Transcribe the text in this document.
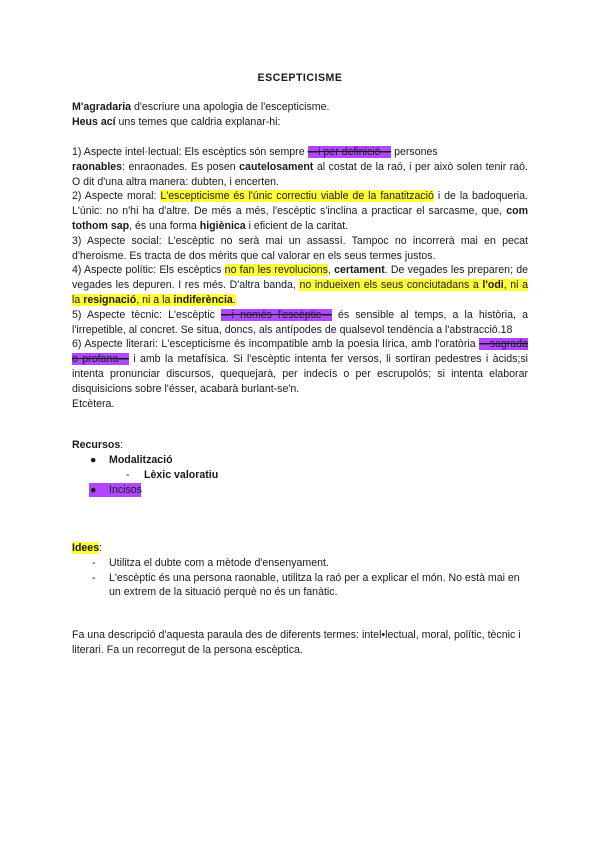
ESCEPTICISME

M'agradaria d'escriure una apologia de l'escepticisme.

Heus ací uns temes que caldria explanar-hi:

1) Aspecte intel·lectual: Els escèptics són sempre —i per definició— persones
raonables: enraonades. Es posen cautelosament al costat de la raó, i per això solen tenir raó. O dit d'una altra manera: dubten, i encerten.

2) Aspecte moral: L'escepticisme és l'únic correctiu viable de la fanatització i de la badoqueria. L'únic: no n'hi ha d'altre. De més a més, l'escèptic s'inclina a practicar el sarcasme, que, com tothom sap, és una forma higiènica i eficient de la caritat.

3) Aspecte social: L'escèptic no serà mai un assassí. Tampoc no incorrerà mai en pecat d'heroisme. Es tracta de dos mèrits que cal valorar en els seus termes justos.

4) Aspecte polític: Els escèptics no fan les revolucions, certament. De vegades les preparen; de vegades les depuren. I res més. D'altra banda, no indueixen els seus conciutadans a l'odi, ni a la resignació, ni a la indiferència.

5) Aspecte tècnic: L'escèptic —i només l'escèptic— és sensible al temps, a la història, a l'irrepetible, al concret. Se situa, doncs, als antípodes de qualsevol tendència a l'abstracció.18

6) Aspecte literari: L'escepticisme és incompatible amb la poesia lírica, amb l'oratòria —sagrada o profana— i amb la metafísica. Si l'escèptic intenta fer versos, li sortiran pedestres i àcids;si intenta pronunciar discursos, quequejarà, per indecís o per escrupolós; si intenta elaborar disquisicions sobre l'ésser, acabarà burlant-se'n.

Etcètera.

Recursos:

● Modalització
- Lèxic valoratiu
● Incisos

Idees:

- Utilitza el dubte com a mètode d'ensenyament.
- L'escèptic és una persona raonable, utilitza la raó per a explicar el món. No està mai en un extrem de la situació perquè no és un fanàtic.

Fa una descripció d'aquesta paraula des de diferents termes: intel•lectual, moral, polític, tècnic i literari. Fa un recorregut de la persona escèptica.
